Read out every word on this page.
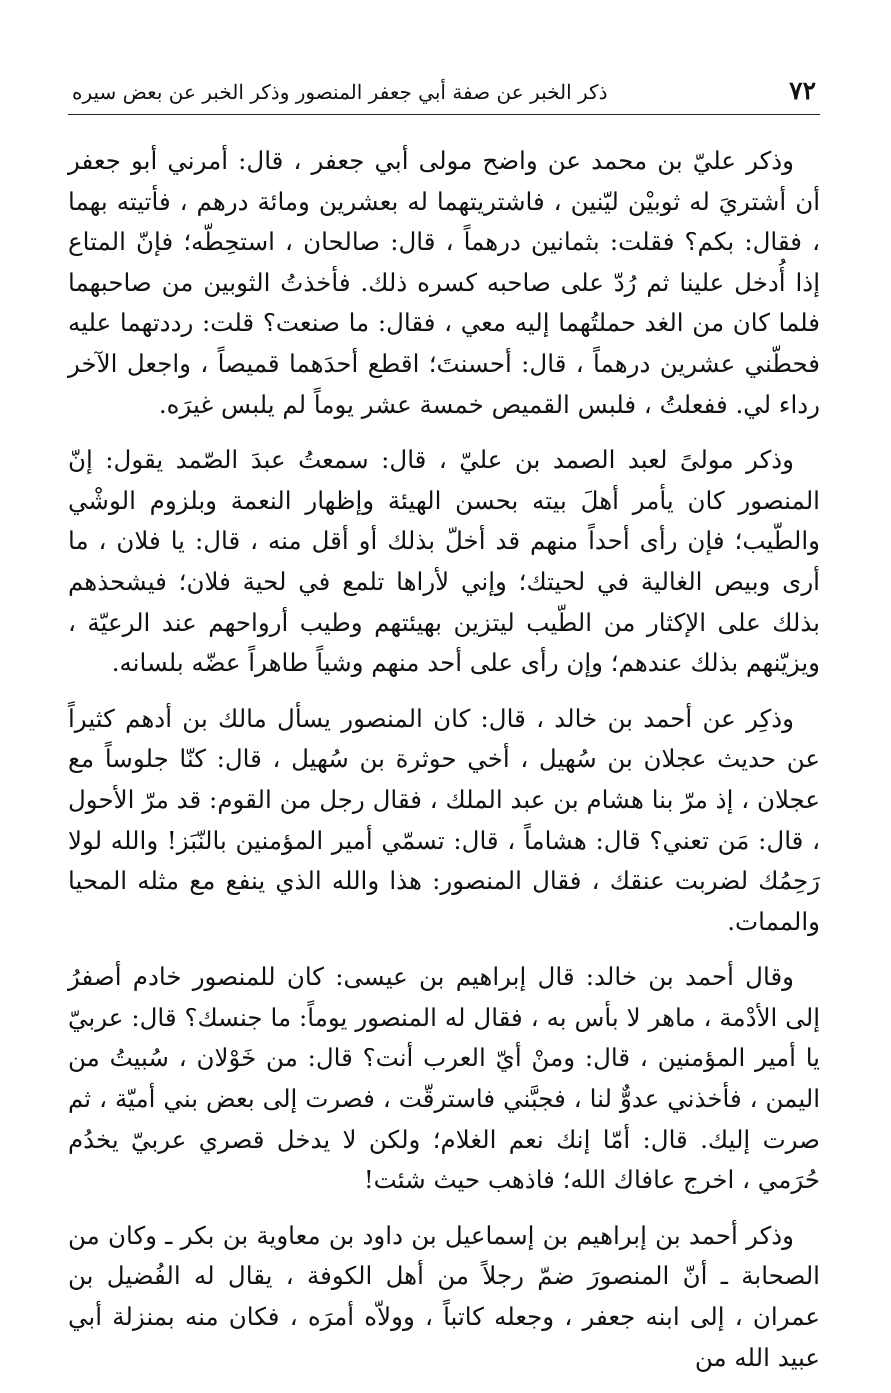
٧٢
ذكر الخبر عن صفة أبي جعفر المنصور وذكر الخبر عن بعض سيره

وذكر عليّ بن محمد عن واضح مولى أبي جعفر ، قال: أمرني أبو جعفر أن أشتريَ له ثوبيْن ليّنين ، فاشتريتهما له بعشرين ومائة درهم ، فأتيته بهما ، فقال: بكم؟ فقلت: بثمانين درهماً ، قال: صالحان ، استحِطّه؛ فإنّ المتاع إذا أُدخل علينا ثم رُدّ على صاحبه كسره ذلك. فأخذتُ الثوبين من صاحبهما فلما كان من الغد حملتُهما إليه معي ، فقال: ما صنعت؟ قلت: رددتهما عليه فحطّني عشرين درهماً ، قال: أحسنتَ؛ اقطع أحدَهما قميصاً ، واجعل الآخر رداء لي. ففعلتُ ، فلبس القميص خمسة عشر يوماً لم يلبس غيرَه.

وذكر مولىً لعبد الصمد بن عليّ ، قال: سمعتُ عبدَ الصّمد يقول: إنّ المنصور كان يأمر أهلَ بيته بحسن الهيئة وإظهار النعمة وبلزوم الوشْي والطّيب؛ فإن رأى أحداً منهم قد أخلّ بذلك أو أقل منه ، قال: يا فلان ، ما أرى وبيص الغالية في لحيتك؛ وإني لأراها تلمع في لحية فلان؛ فيشحذهم بذلك على الإكثار من الطّيب ليتزين بهيئتهم وطيب أرواحهم عند الرعيّة ، ويزيّنهم بذلك عندهم؛ وإن رأى على أحد منهم وشياً طاهراً عضّه بلسانه.

وذكِر عن أحمد بن خالد ، قال: كان المنصور يسأل مالك بن أدهم كثيراً عن حديث عجلان بن سُهيل ، أخي حوثرة بن سُهيل ، قال: كنّا جلوساً مع عجلان ، إذ مرّ بنا هشام بن عبد الملك ، فقال رجل من القوم: قد مرّ الأحول ، قال: مَن تعني؟ قال: هشاماً ، قال: تسمّي أمير المؤمنين بالنّبَز! والله لولا رَحِمُك لضربت عنقك ، فقال المنصور: هذا والله الذي ينفع مع مثله المحيا والممات.

وقال أحمد بن خالد: قال إبراهيم بن عيسى: كان للمنصور خادم أصفرُ إلى الأدْمة ، ماهر لا بأس به ، فقال له المنصور يوماً: ما جنسك؟ قال: عربيّ يا أمير المؤمنين ، قال: ومنْ أيّ العرب أنت؟ قال: من خَوْلان ، سُبيتُ من اليمن ، فأخذني عدوٌّ لنا ، فجبَّني فاسترقّت ، فصرت إلى بعض بني أميّة ، ثم صرت إليك. قال: أمّا إنك نعم الغلام؛ ولكن لا يدخل قصري عربيّ يخدُم حُرَمي ، اخرج عافاك الله؛ فاذهب حيث شئت!

وذكر أحمد بن إبراهيم بن إسماعيل بن داود بن معاوية بن بكر ـ وكان من الصحابة ـ أنّ المنصورَ ضمّ رجلاً من أهل الكوفة ، يقال له الفُضيل بن عمران ، إلى ابنه جعفر ، وجعله كاتباً ، وولاّه أمرَه ، فكان منه بمنزلة أبي عبيد الله من
